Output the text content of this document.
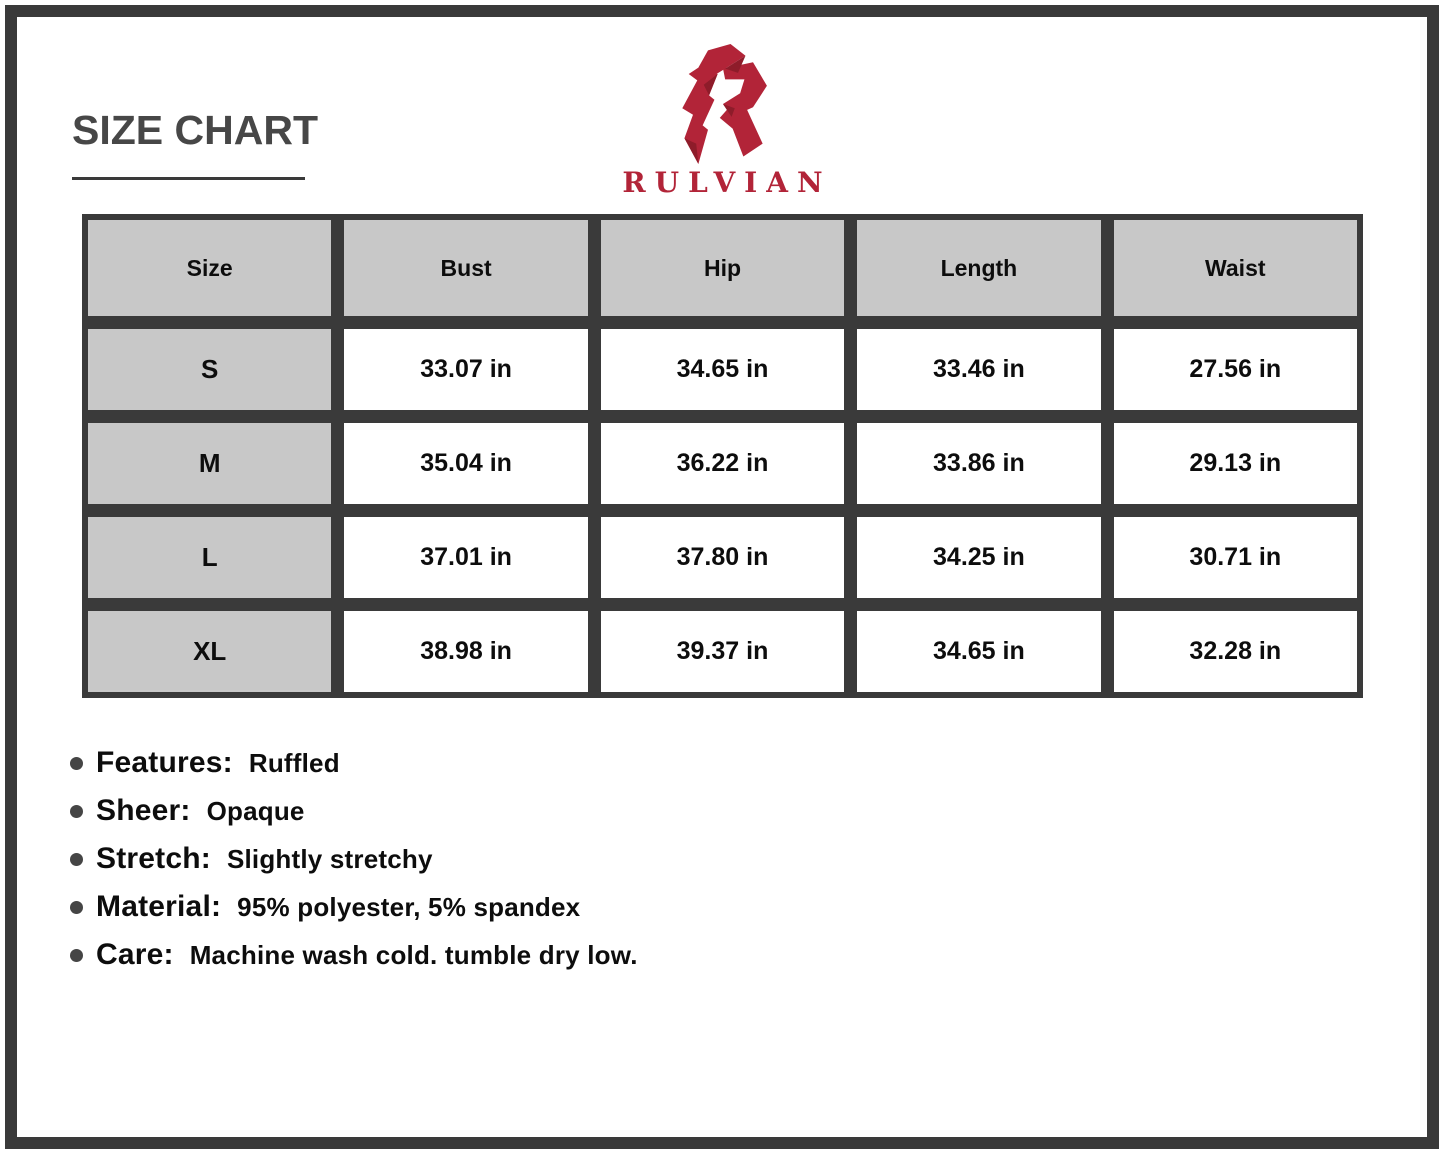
SIZE CHART
RULVIAN
Size	Bust	Hip	Length	Waist
S	33.07 in	34.65 in	33.46 in	27.56 in
M	35.04 in	36.22 in	33.86 in	29.13 in
L	37.01 in	37.80 in	34.25 in	30.71 in
XL	38.98 in	39.37 in	34.65 in	32.28 in
Features: Ruffled
Sheer: Opaque
Stretch: Slightly stretchy
Material: 95% polyester, 5% spandex
Care: Machine wash cold. tumble dry low.
